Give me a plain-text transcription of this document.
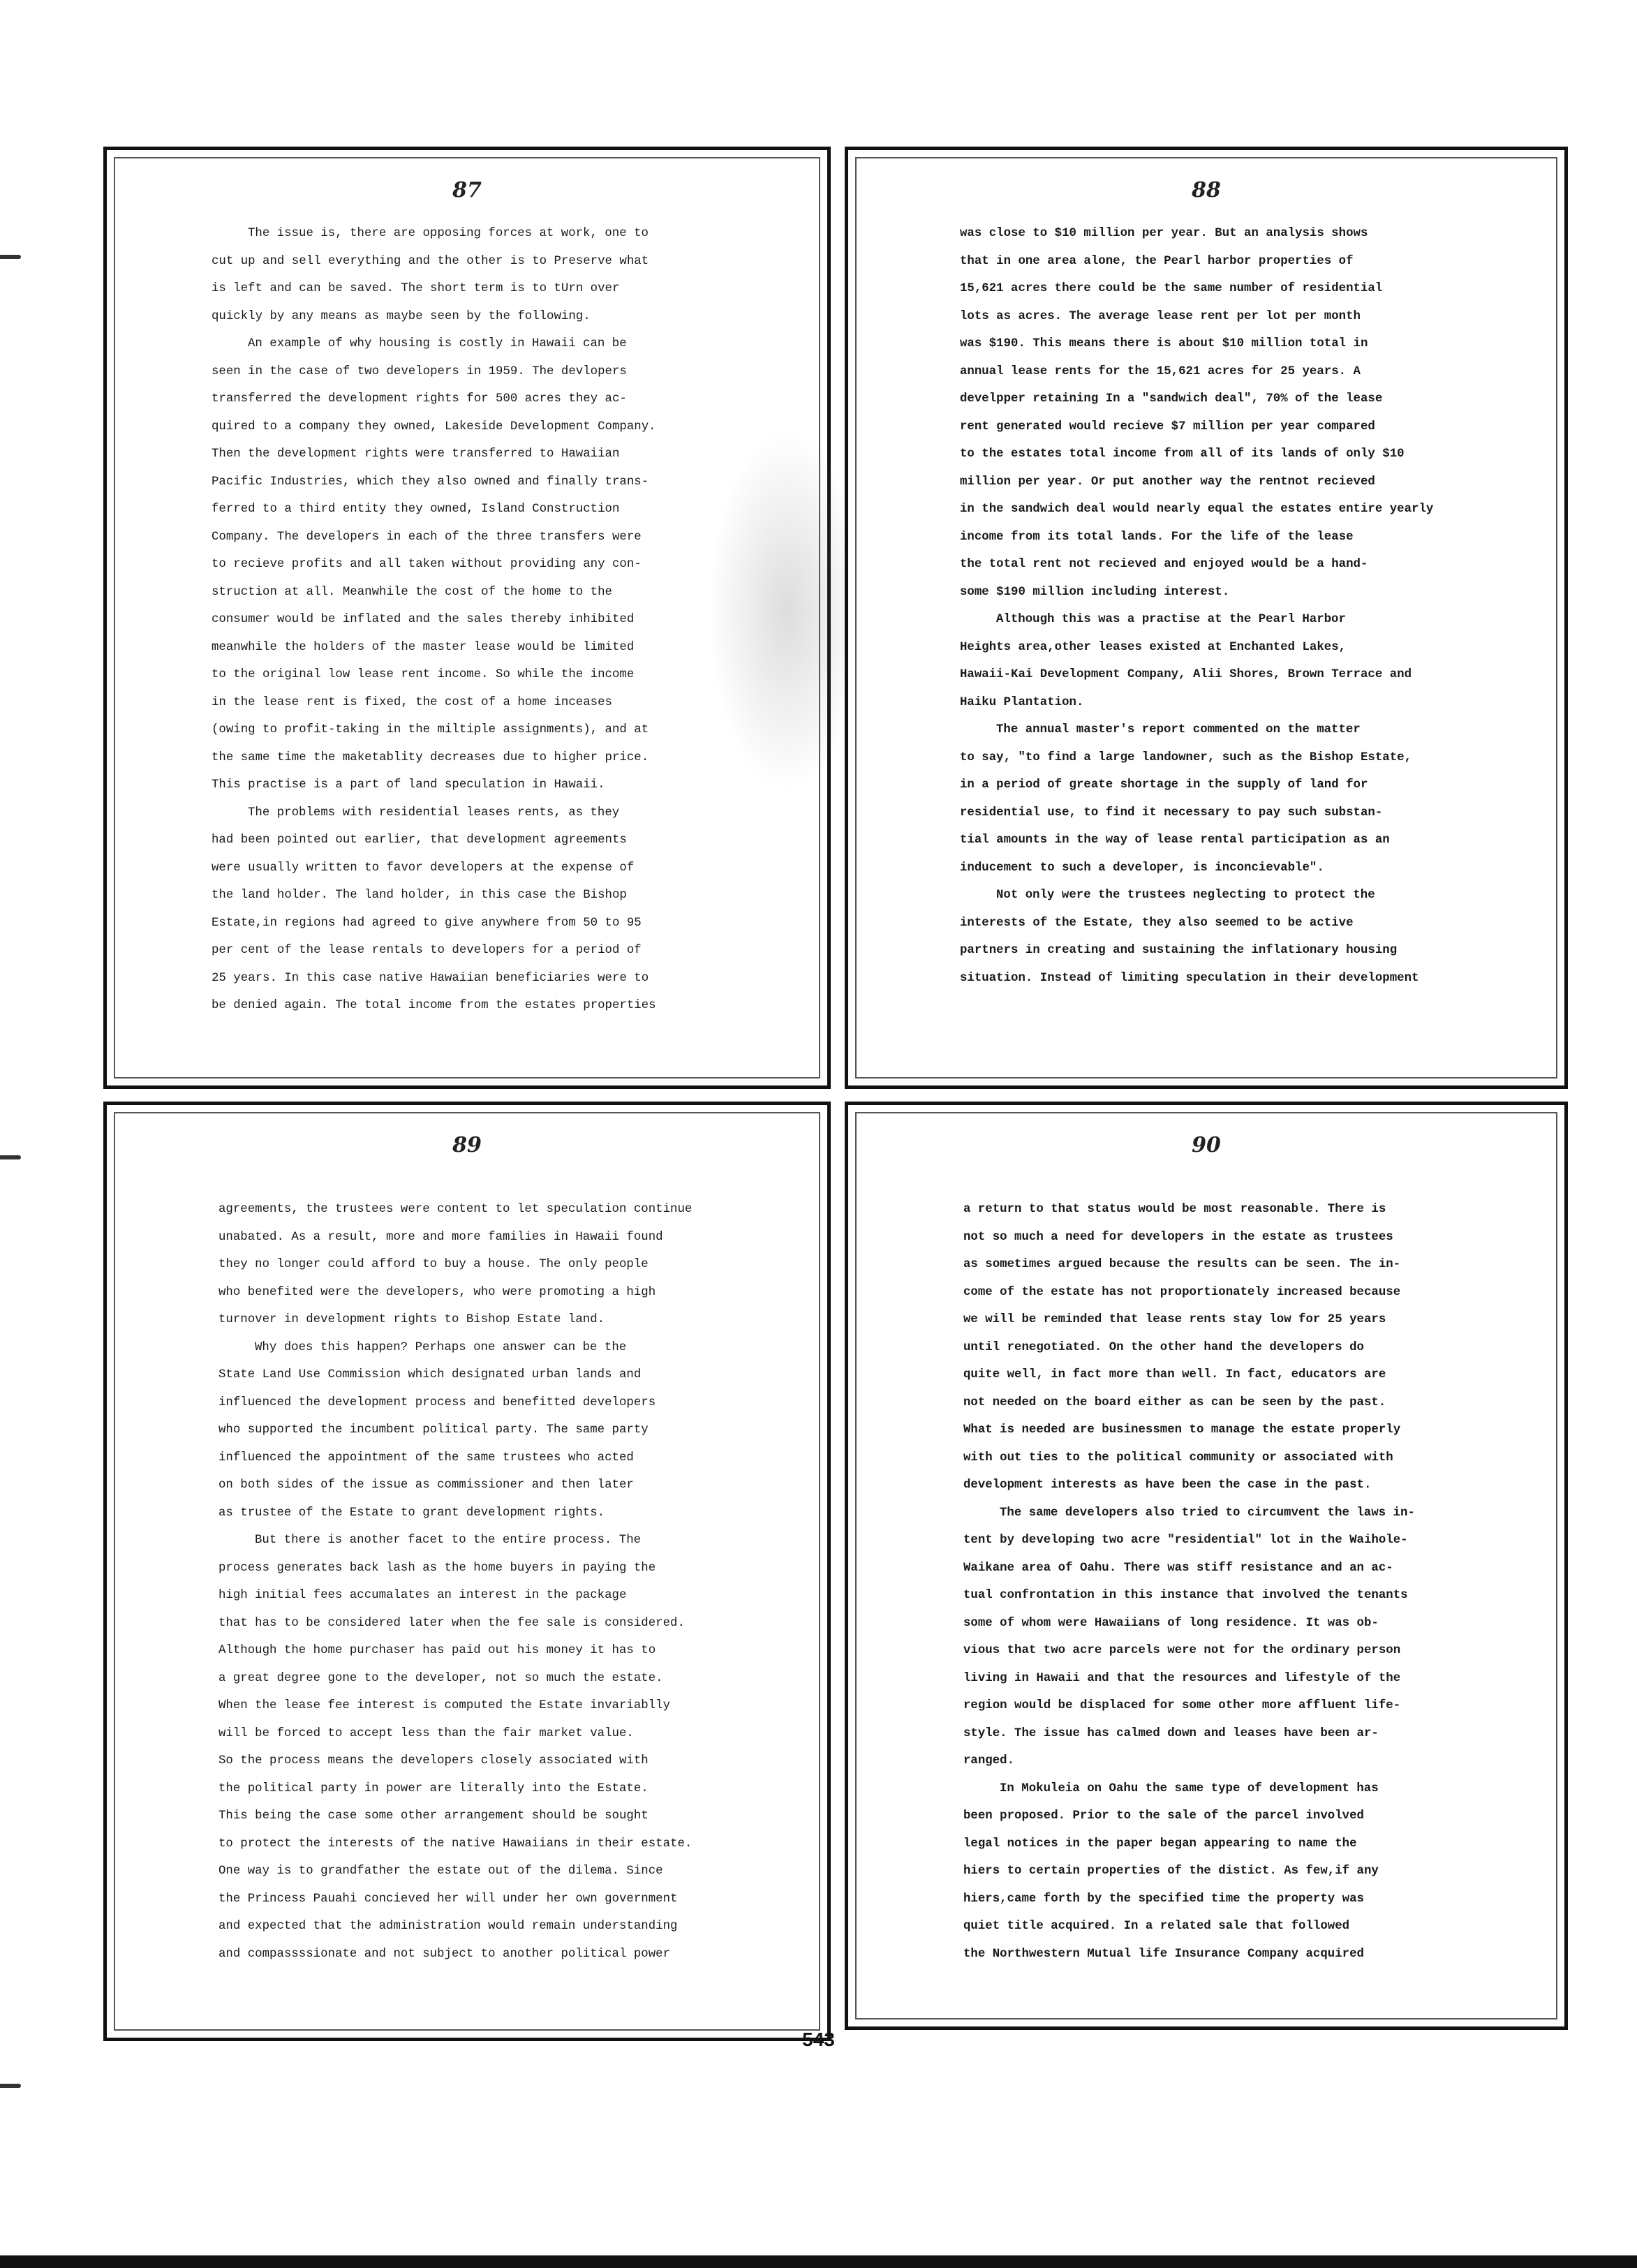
87
The issue is, there are opposing forces at work, one to
cut up and sell everything and the other is to Preserve what
is left and can be saved. The short term is to tUrn over
quickly by any means as maybe seen by the following.
An example of why housing is costly in Hawaii can be
seen in the case of two developers in 1959. The devlopers
transferred the development rights for 500 acres they ac-
quired to a company they owned, Lakeside Development Company.
Then the development rights were transferred to Hawaiian
Pacific Industries, which they also owned and finally trans-
ferred to a third entity they owned, Island Construction
Company. The developers in each of the three transfers were
to recieve profits and all taken without providing any con-
struction at all. Meanwhile the cost of the home to the
consumer would be inflated and the sales thereby inhibited
meanwhile the holders of the master lease would be limited
to the original low lease rent income. So while the income
in the lease rent is fixed, the cost of a home inceases
(owing to profit-taking in the miltiple assignments), and at
the same time the maketablity decreases due to higher price.
This practise is a part of land speculation in Hawaii.
The problems with residential leases rents, as they
had been pointed out earlier, that development agreements
were usually written to favor developers at the expense of
the land holder. The land holder, in this case the Bishop
Estate,in regions had agreed to give anywhere from 50 to 95
per cent of the lease rentals to developers for a period of
25 years. In this case native Hawaiian beneficiaries were to
be denied again. The total income from the estates properties
88
was close to $10 million per year. But an analysis shows
that in one area alone, the Pearl harbor properties of
15,621 acres there could be the same number of residential
lots as acres. The average lease rent per lot per month
was $190. This means there is about $10 million total in
annual lease rents for the 15,621 acres for 25 years. A
develpper retaining In a "sandwich deal", 70% of the lease
rent generated would recieve $7 million per year compared
to the estates total income from all of its lands of only $10
million per year. Or put another way the rentnot recieved
in the sandwich deal would nearly equal the estates entire yearly
income from its total lands. For the life of the lease
the total rent not recieved and enjoyed would be a hand-
some $190 million including interest.
Although this was a practise at the Pearl Harbor
Heights area,other leases existed at Enchanted Lakes,
Hawaii-Kai Development Company, Alii Shores, Brown Terrace and
Haiku Plantation.
The annual master's report commented on the matter
to say, "to find a large landowner, such as the Bishop Estate,
in a period of greate shortage in the supply of land for
residential use, to find it necessary to pay such substan-
tial amounts in the way of lease rental participation as an
inducement to such a developer, is inconcievable".
Not only were the trustees neglecting to protect the
interests of the Estate, they also seemed to be active
partners in creating and sustaining the inflationary housing
situation. Instead of limiting speculation in their development
89
agreements, the trustees were content to let speculation continue
unabated. As a result, more and more families in Hawaii found
they no longer could afford to buy a house. The only people
who benefited were the developers, who were promoting a high
turnover in development rights to Bishop Estate land.
Why does this happen? Perhaps one answer can be the
State Land Use Commission which designated urban lands and
influenced the development process and benefitted developers
who supported the incumbent political party. The same party
influenced the appointment of the same trustees who acted
on both sides of the issue as commissioner and then later
as trustee of the Estate to grant development rights.
But there is another facet to the entire process. The
process generates back lash as the home buyers in paying the
high initial fees accumalates an interest in the package
that has to be considered later when the fee sale is considered.
Although the home purchaser has paid out his money it has to
a great degree gone to the developer, not so much the estate.
When the lease fee interest is computed the Estate invariablly
will be forced to accept less than the fair market value.
So the process means the developers closely associated with
the political party in power are literally into the Estate.
This being the case some other arrangement should be sought
to protect the interests of the native Hawaiians in their estate.
One way is to grandfather the estate out of the dilema. Since
the Princess Pauahi concieved her will under her own government
and expected that the administration would remain understanding
and compassssionate and not subject to another political power
90
a return to that status would be most reasonable. There is
not so much a need for developers in the estate as trustees
as sometimes argued because the results can be seen. The in-
come of the estate has not proportionately increased because
we will be reminded that lease rents stay low for 25 years
until renegotiated. On the other hand the developers do
quite well, in fact more than well. In fact, educators are
not needed on the board either as can be seen by the past.
What is needed are businessmen to manage the estate properly
with out ties to the political community or associated with
development interests as have been the case in the past.
The same developers also tried to circumvent the laws in-
tent by developing two acre "residential" lot in the Waihole-
Waikane area of Oahu. There was stiff resistance and an ac-
tual confrontation in this instance that involved the tenants
some of whom were Hawaiians of long residence. It was ob-
vious that two acre parcels were not for the ordinary person
living in Hawaii and that the resources and lifestyle of the
region would be displaced for some other more affluent life-
style. The issue has calmed down and leases have been ar-
ranged.
In Mokuleia on Oahu the same type of development has
been proposed. Prior to the sale of the parcel involved
legal notices in the paper began appearing to name the
hiers to certain properties of the distict. As few,if any
hiers,came forth by the specified time the property was
quiet title acquired. In a related sale that followed
the Northwestern Mutual life Insurance Company acquired
543
